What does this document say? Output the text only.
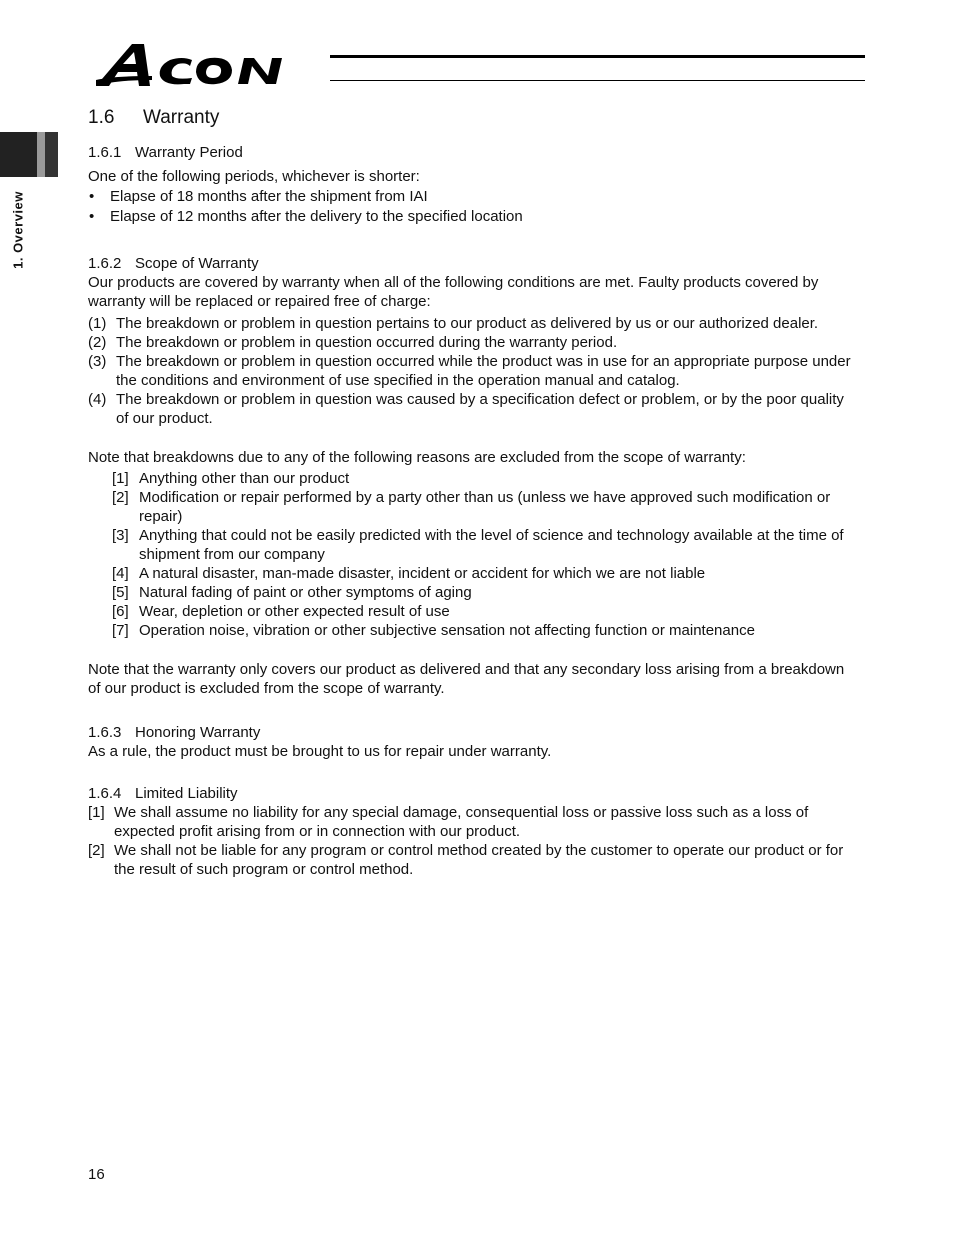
1. Overview
1.6 Warranty
1.6.1 Warranty Period

One of the following periods, whichever is shorter:

• Elapse of 18 months after the shipment from IAI
• Elapse of 12 months after the delivery to the specified location
1.6.2 Scope of Warranty

Our products are covered by warranty when all of the following conditions are met. Faulty products covered by warranty will be replaced or repaired free of charge:

(1) The breakdown or problem in question pertains to our product as delivered by us or our authorized dealer.
(2) The breakdown or problem in question occurred during the warranty period.
(3) The breakdown or problem in question occurred while the product was in use for an appropriate purpose under the conditions and environment of use specified in the operation manual and catalog.
(4) The breakdown or problem in question was caused by a specification defect or problem, or by the poor quality of our product.

Note that breakdowns due to any of the following reasons are excluded from the scope of warranty:

[1] Anything other than our product
[2] Modification or repair performed by a party other than us (unless we have approved such modification or repair)
[3] Anything that could not be easily predicted with the level of science and technology available at the time of shipment from our company
[4] A natural disaster, man-made disaster, incident or accident for which we are not liable
[5] Natural fading of paint or other symptoms of aging
[6] Wear, depletion or other expected result of use
[7] Operation noise, vibration or other subjective sensation not affecting function or maintenance

Note that the warranty only covers our product as delivered and that any secondary loss arising from a breakdown of our product is excluded from the scope of warranty.

1.6.3 Honoring Warranty

As a rule, the product must be brought to us for repair under warranty.

1.6.4 Limited Liability
[1] We shall assume no liability for any special damage, consequential loss or passive loss such as a loss of expected profit arising from or in connection with our product.
[2] We shall not be liable for any program or control method created by the customer to operate our product or for the result of such program or control method.
16
